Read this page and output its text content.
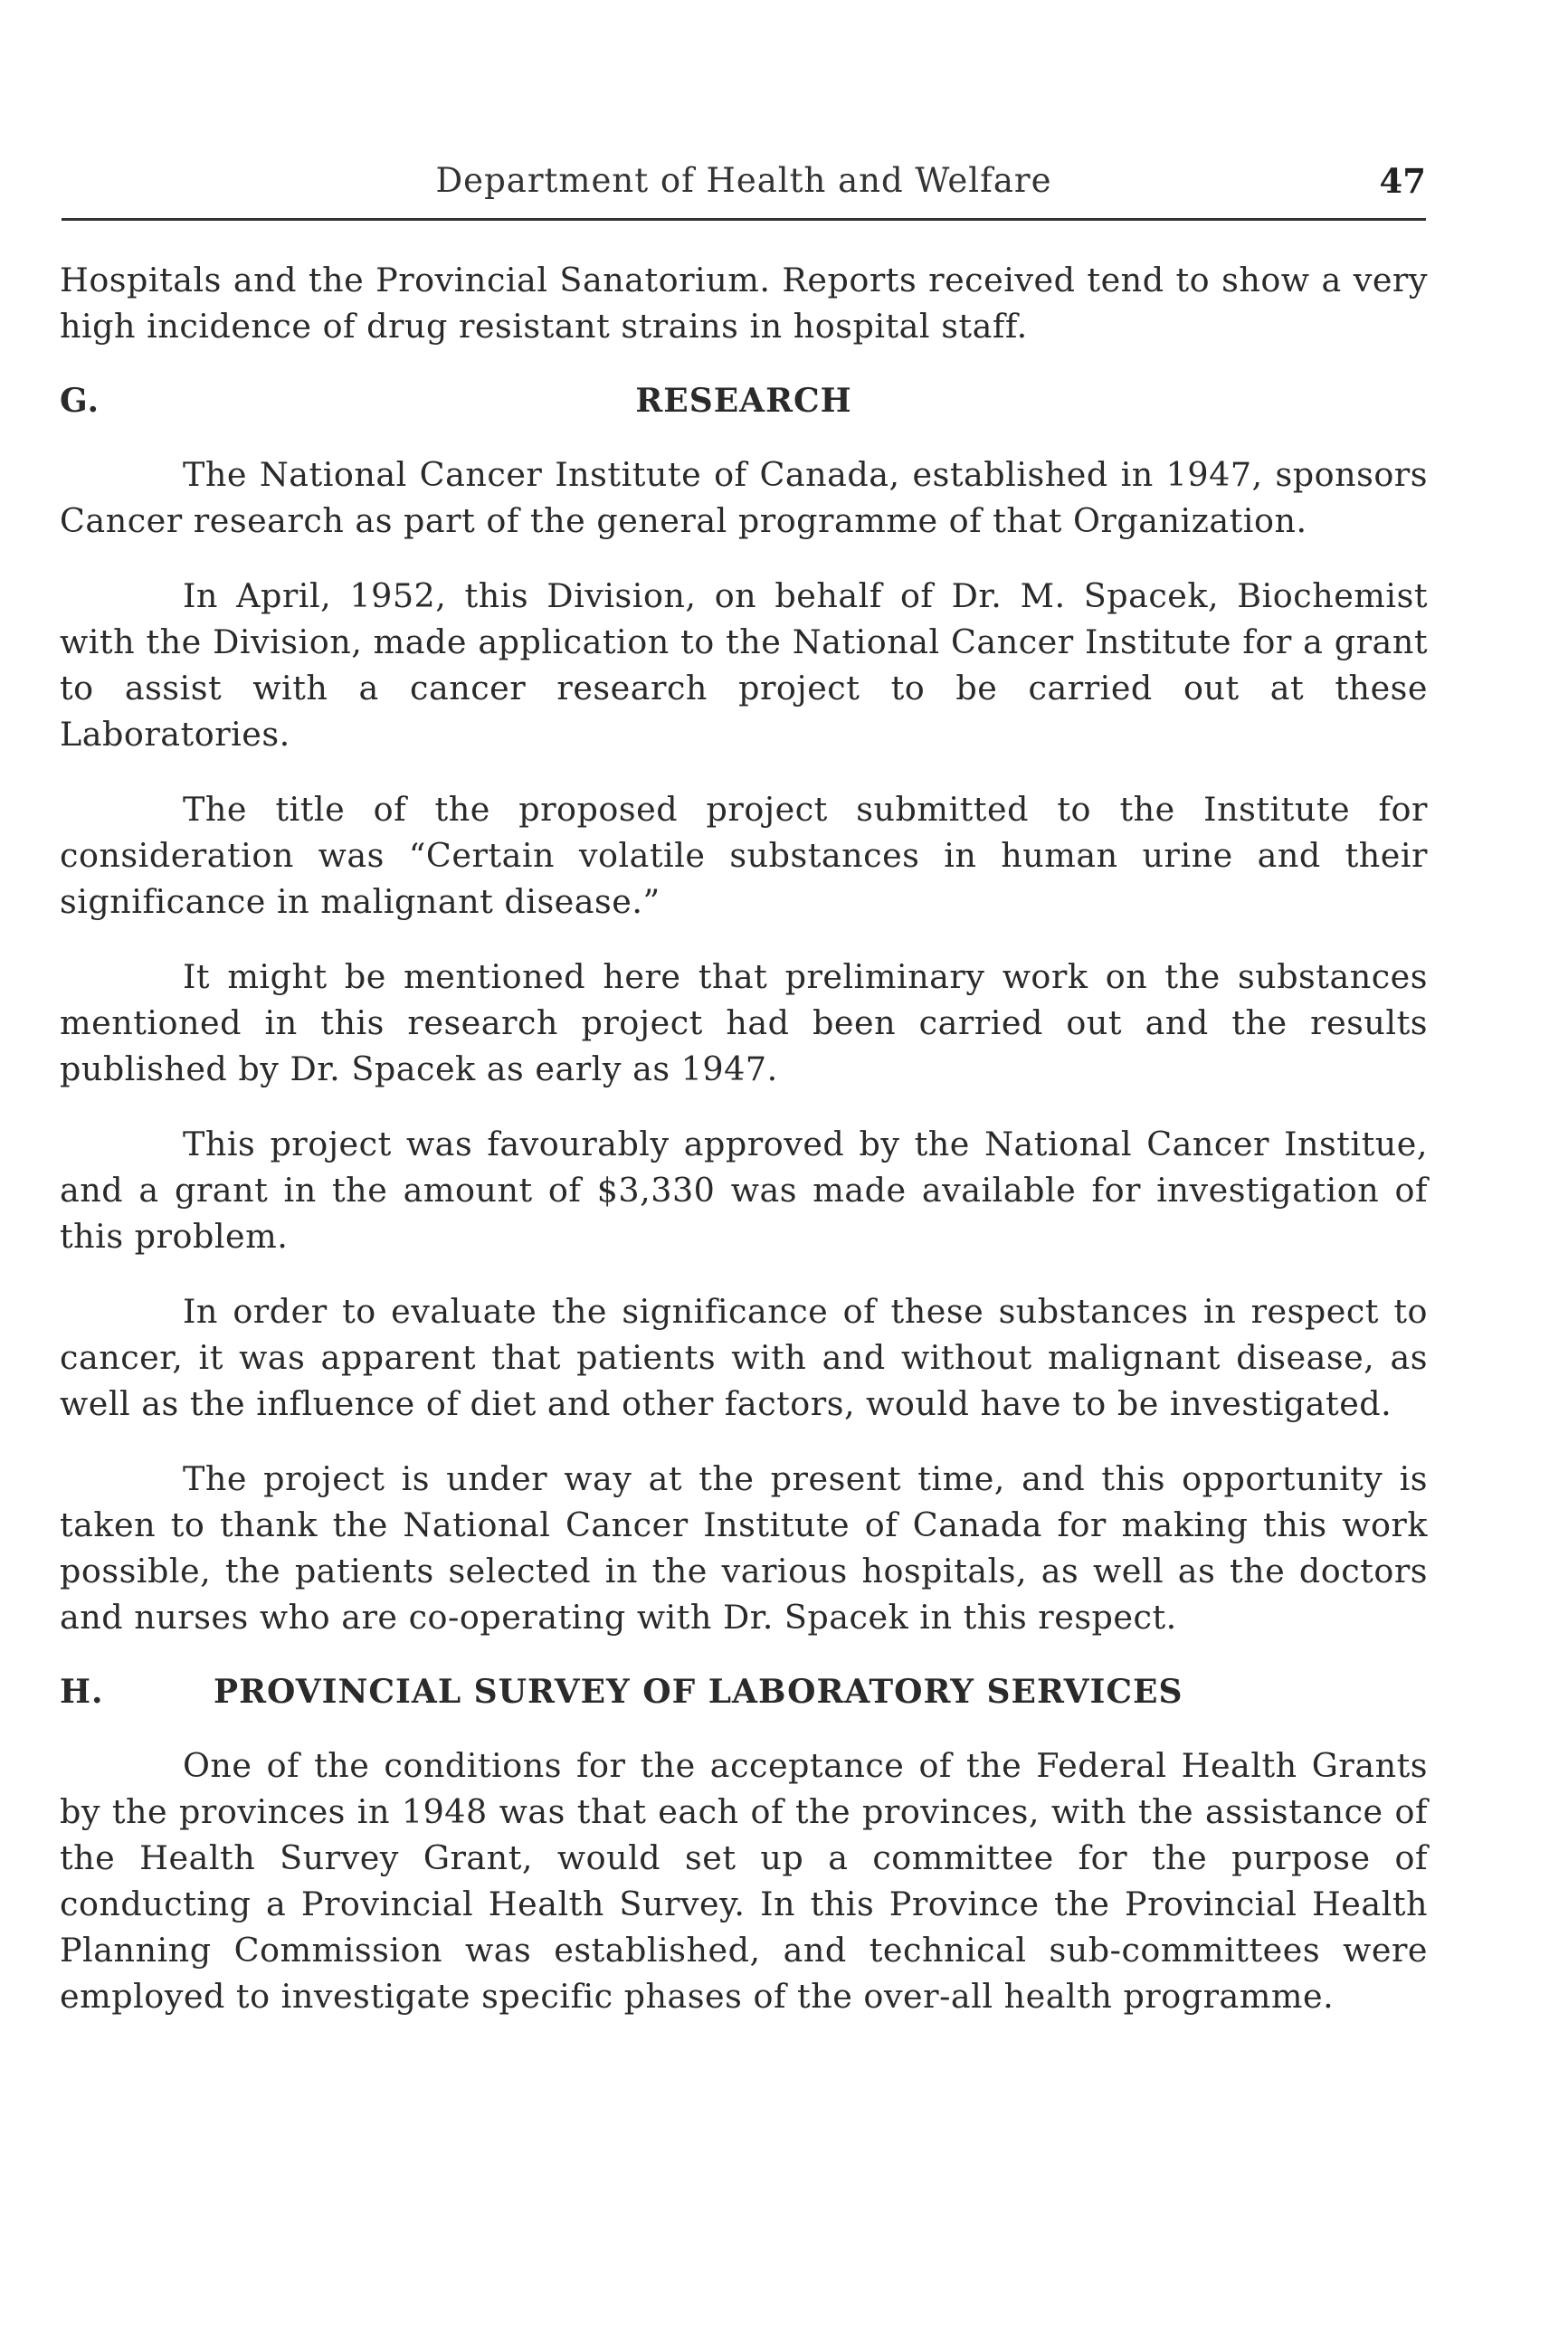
Department of Health and Welfare	47

Hospitals and the Provincial Sanatorium. Reports received tend to show a very high incidence of drug resistant strains in hospital staff.

G.	RESEARCH

The National Cancer Institute of Canada, established in 1947, sponsors Cancer research as part of the general programme of that Organization.

In April, 1952, this Division, on behalf of Dr. M. Spacek, Biochemist with the Division, made application to the National Cancer Institute for a grant to assist with a cancer research project to be carried out at these Laboratories.

The title of the proposed project submitted to the Institute for consideration was “Certain volatile substances in human urine and their significance in malignant disease.”

It might be mentioned here that preliminary work on the substances mentioned in this research project had been carried out and the results published by Dr. Spacek as early as 1947.

This project was favourably approved by the National Cancer Institue, and a grant in the amount of $3,330 was made available for investigation of this problem.

In order to evaluate the significance of these substances in respect to cancer, it was apparent that patients with and without malignant disease, as well as the influence of diet and other factors, would have to be investigated.

The project is under way at the present time, and this opportunity is taken to thank the National Cancer Institute of Canada for making this work possible, the patients selected in the various hospitals, as well as the doctors and nurses who are co-operating with Dr. Spacek in this respect.

H.	PROVINCIAL SURVEY OF LABORATORY SERVICES

One of the conditions for the acceptance of the Federal Health Grants by the provinces in 1948 was that each of the provinces, with the assistance of the Health Survey Grant, would set up a committee for the purpose of conducting a Provincial Health Survey. In this Province the Provincial Health Planning Commission was established, and technical sub-committees were employed to investigate specific phases of the over-all health programme.
